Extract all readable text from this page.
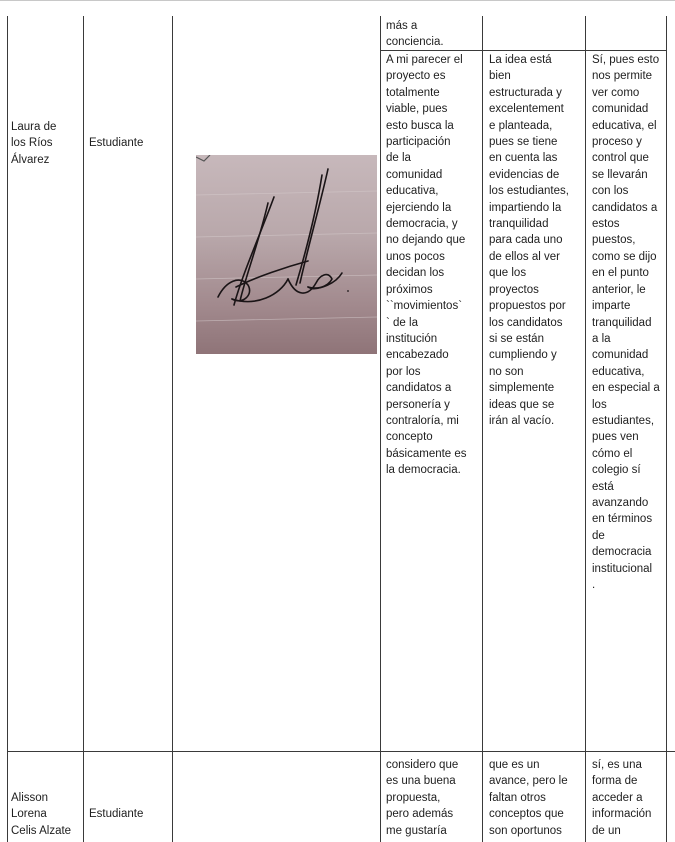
más a
conciencia.
Laura de
los Ríos
Álvarez
Estudiante
A mi parecer el
proyecto es
totalmente
viable, pues
esto busca la
participación
de la
comunidad
educativa,
ejerciendo la
democracia, y
no dejando que
unos pocos
decidan los
próximos
``movimientos`
` de la
institución
encabezado
por los
candidatos a
personería y
contraloría, mi
concepto
básicamente es
la democracia.
La idea está
bien
estructurada y
excelentement
e planteada,
pues se tiene
en cuenta las
evidencias de
los estudiantes,
impartiendo la
tranquilidad
para cada uno
de ellos al ver
que los
proyectos
propuestos por
los candidatos
si se están
cumpliendo y
no son
simplemente
ideas que se
irán al vacío.
Sí, pues esto
nos permite
ver como
comunidad
educativa, el
proceso y
control que
se llevarán
con los
candidatos a
estos
puestos,
como se dijo
en el punto
anterior, le
imparte
tranquilidad
a la
comunidad
educativa,
en especial a
los
estudiantes,
pues ven
cómo el
colegio sí
está
avanzando
en términos
de
democracia
institucional
.
Alisson
Lorena
Celis Alzate
Estudiante
considero que
es una buena
propuesta,
pero además
me gustaría
que es un
avance, pero le
faltan otros
conceptos que
son oportunos
sí, es una
forma de
acceder a
información
de un
